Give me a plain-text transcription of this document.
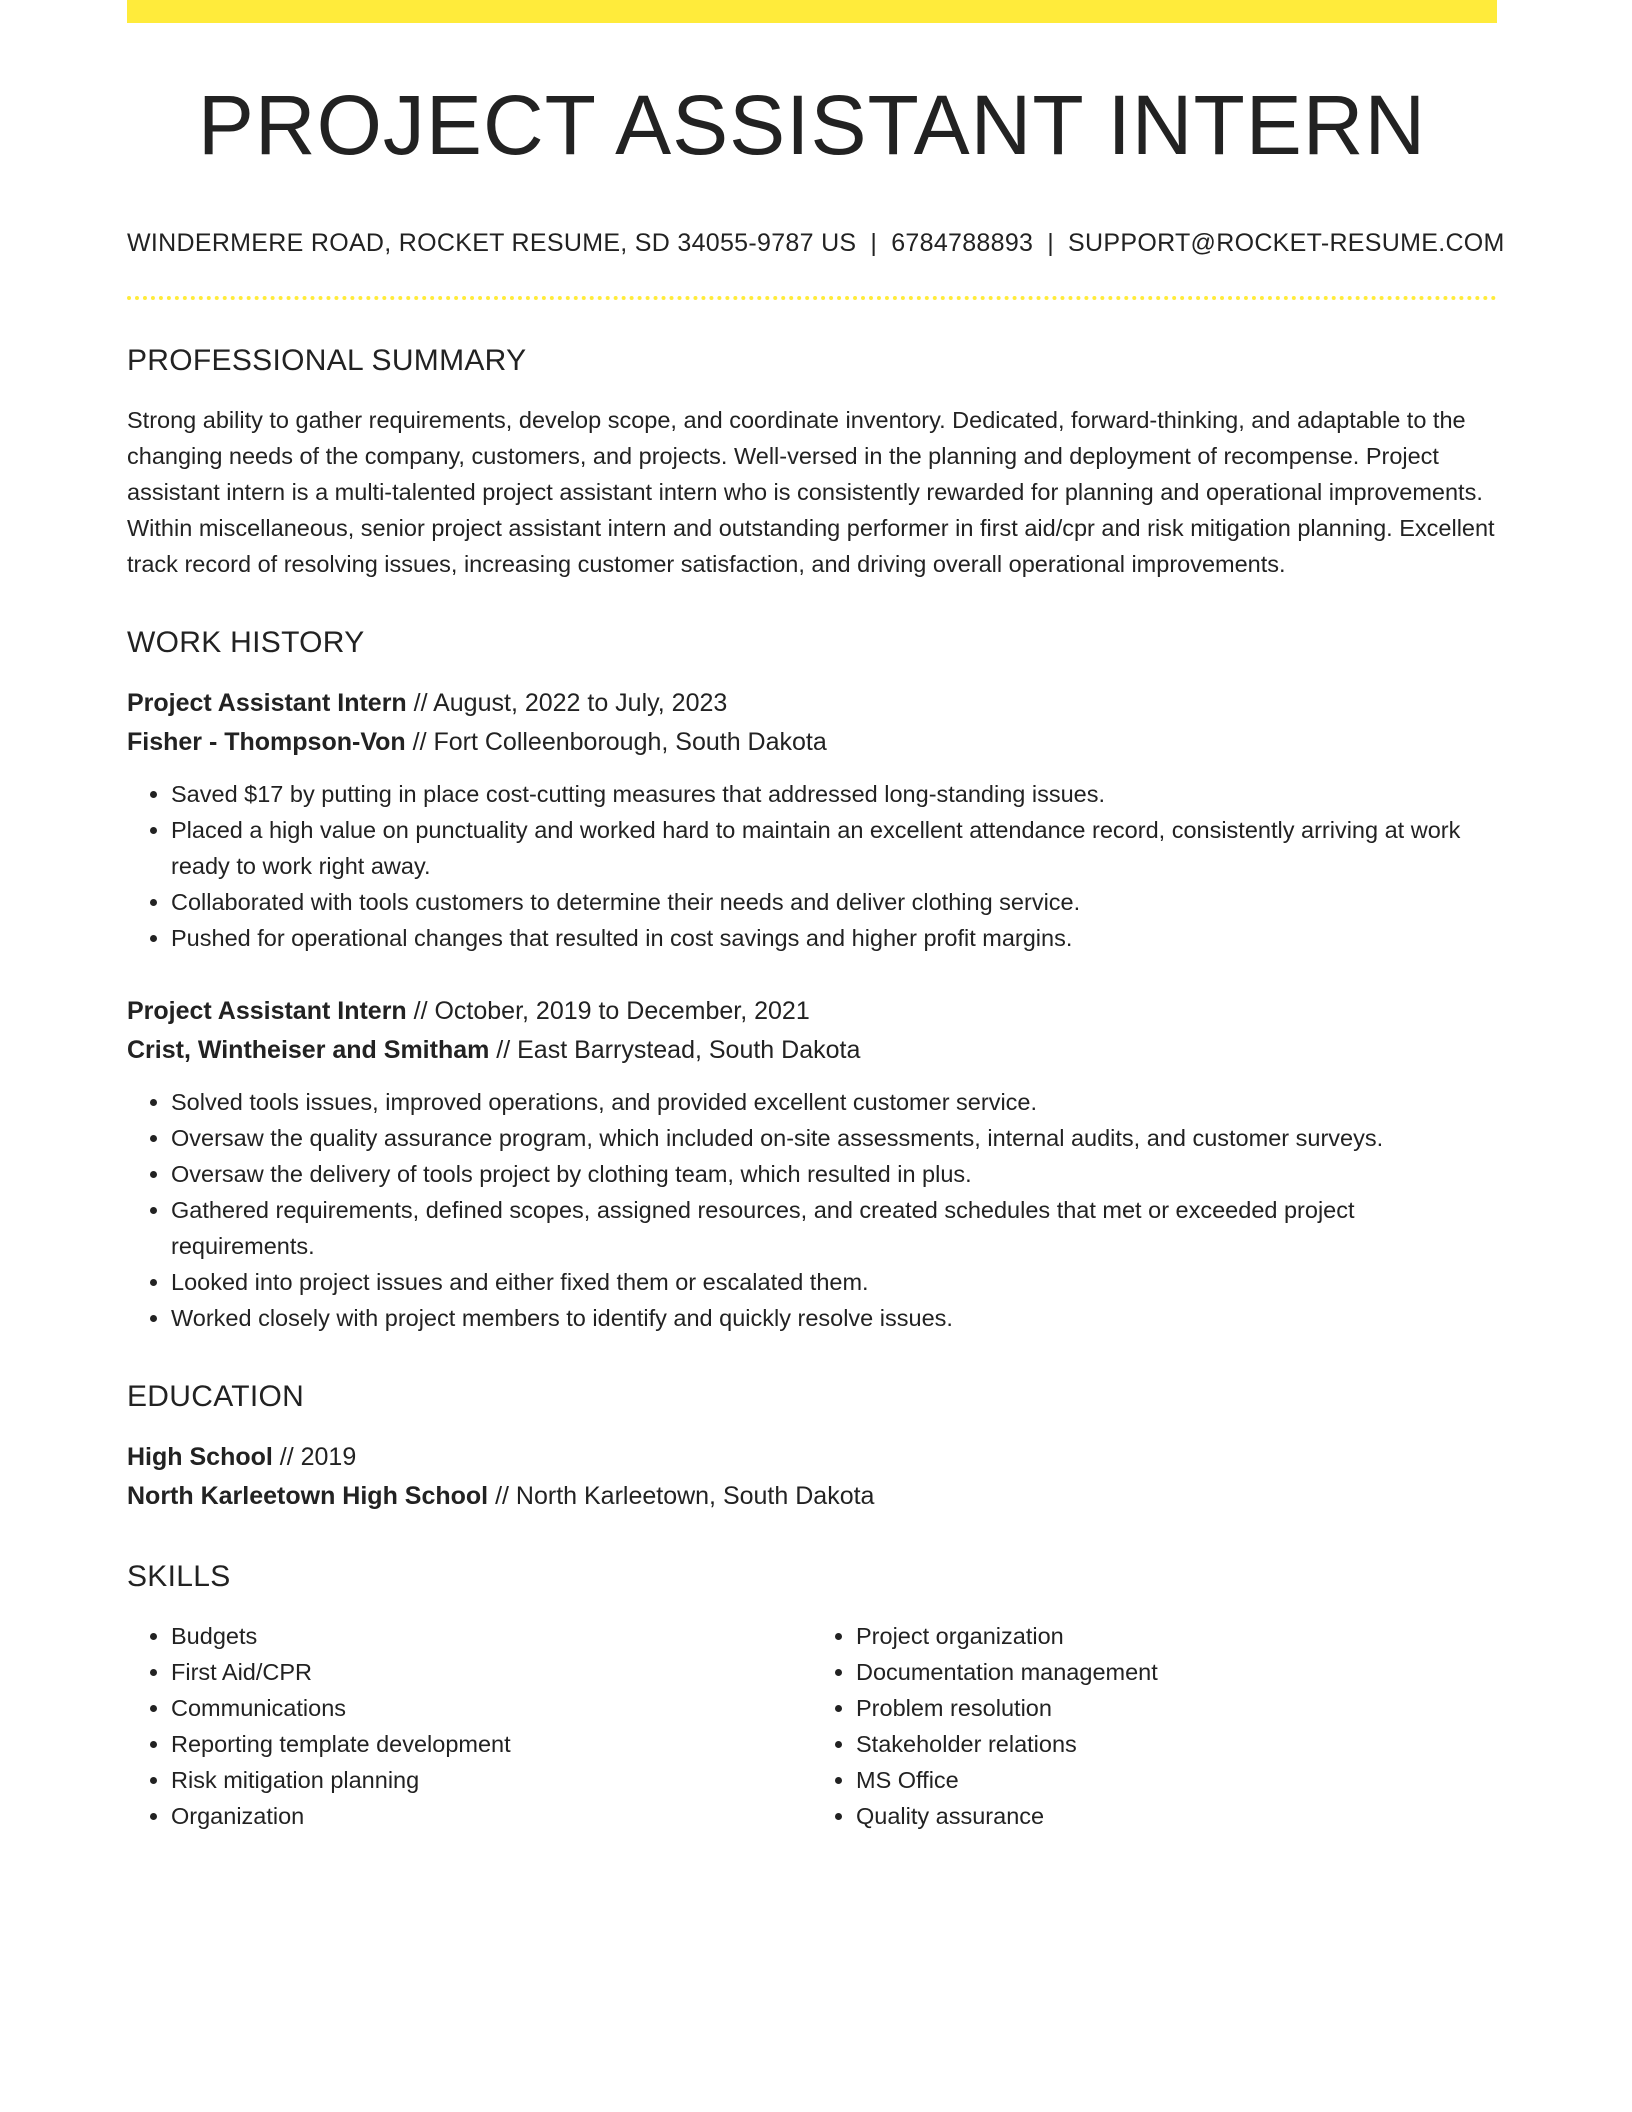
PROJECT ASSISTANT INTERN
WINDERMERE ROAD, ROCKET RESUME, SD 34055-9787 US | 6784788893 | SUPPORT@ROCKET-RESUME.COM
PROFESSIONAL SUMMARY

Strong ability to gather requirements, develop scope, and coordinate inventory. Dedicated, forward-thinking, and adaptable to the changing needs of the company, customers, and projects. Well-versed in the planning and deployment of recompense. Project assistant intern is a multi-talented project assistant intern who is consistently rewarded for planning and operational improvements. Within miscellaneous, senior project assistant intern and outstanding performer in first aid/cpr and risk mitigation planning. Excellent track record of resolving issues, increasing customer satisfaction, and driving overall operational improvements.

WORK HISTORY

Project Assistant Intern // August, 2022 to July, 2023

Fisher - Thompson-Von // Fort Colleenborough, South Dakota

• Saved $17 by putting in place cost-cutting measures that addressed long-standing issues.
• Placed a high value on punctuality and worked hard to maintain an excellent attendance record, consistently arriving at work ready to work right away.
• Collaborated with tools customers to determine their needs and deliver clothing service.
• Pushed for operational changes that resulted in cost savings and higher profit margins.

Project Assistant Intern // October, 2019 to December, 2021

Crist, Wintheiser and Smitham // East Barrystead, South Dakota

• Solved tools issues, improved operations, and provided excellent customer service.
• Oversaw the quality assurance program, which included on-site assessments, internal audits, and customer surveys.
• Oversaw the delivery of tools project by clothing team, which resulted in plus.
• Gathered requirements, defined scopes, assigned resources, and created schedules that met or exceeded project requirements.
• Looked into project issues and either fixed them or escalated them.
• Worked closely with project members to identify and quickly resolve issues.
EDUCATION

High School // 2019

North Karleetown High School // North Karleetown, South Dakota

SKILLS
• Budgets
• First Aid/CPR
• Communications
• Reporting template development
• Risk mitigation planning
• Organization
• Project organization
• Documentation management
• Problem resolution
• Stakeholder relations
• MS Office
• Quality assurance
